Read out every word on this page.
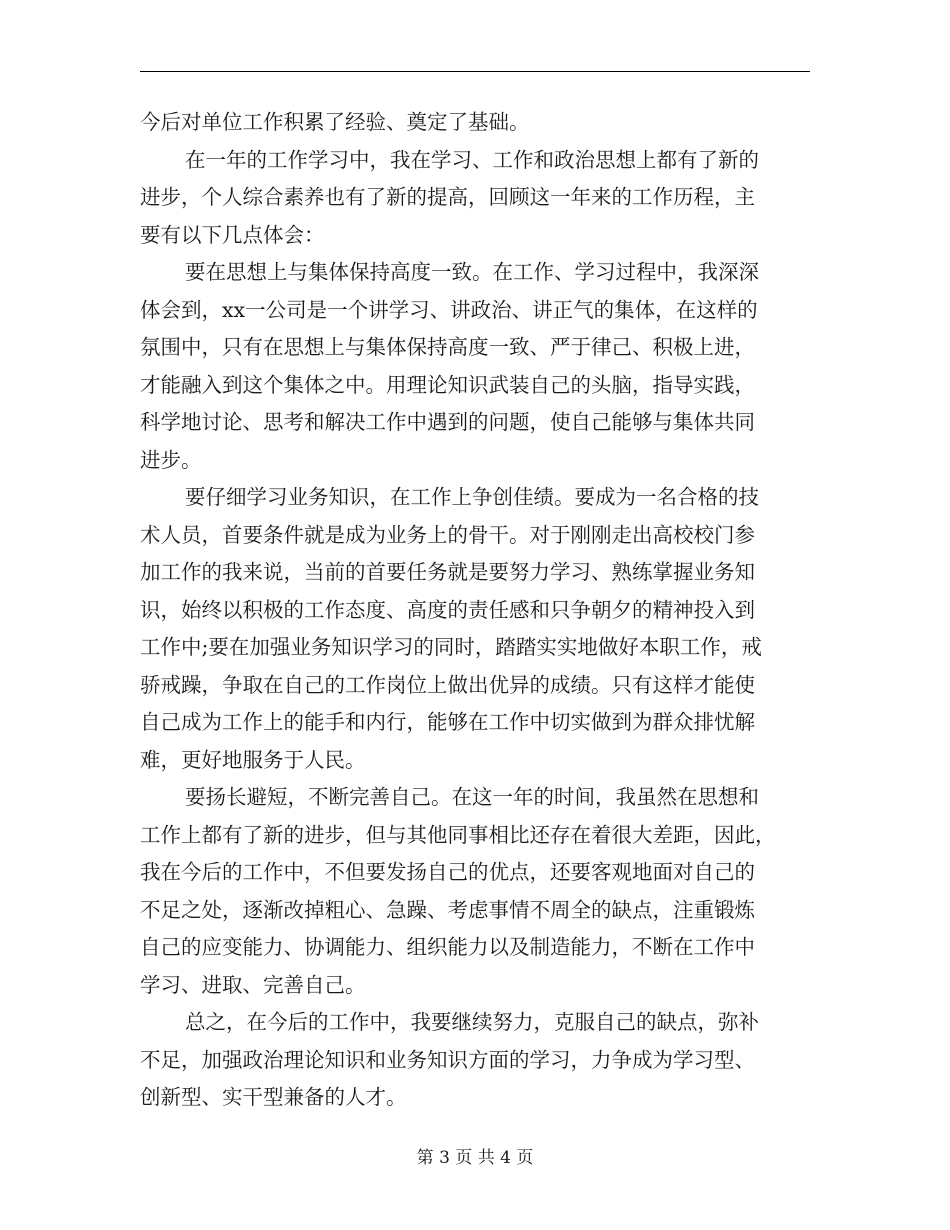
今后对单位工作积累了经验、奠定了基础。
在一年的工作学习中，我在学习、工作和政治思想上都有了新的
进步，个人综合素养也有了新的提高，回顾这一年来的工作历程，主
要有以下几点体会：
要在思想上与集体保持高度一致。在工作、学习过程中，我深深
体会到，xx一公司是一个讲学习、讲政治、讲正气的集体，在这样的
氛围中，只有在思想上与集体保持高度一致、严于律己、积极上进，
才能融入到这个集体之中。用理论知识武装自己的头脑，指导实践，
科学地讨论、思考和解决工作中遇到的问题，使自己能够与集体共同
进步。
要仔细学习业务知识，在工作上争创佳绩。要成为一名合格的技
术人员，首要条件就是成为业务上的骨干。对于刚刚走出高校校门参
加工作的我来说，当前的首要任务就是要努力学习、熟练掌握业务知
识，始终以积极的工作态度、高度的责任感和只争朝夕的精神投入到
工作中;要在加强业务知识学习的同时，踏踏实实地做好本职工作，戒
骄戒躁，争取在自己的工作岗位上做出优异的成绩。只有这样才能使
自己成为工作上的能手和内行，能够在工作中切实做到为群众排忧解
难，更好地服务于人民。
要扬长避短，不断完善自己。在这一年的时间，我虽然在思想和
工作上都有了新的进步，但与其他同事相比还存在着很大差距，因此，
我在今后的工作中，不但要发扬自己的优点，还要客观地面对自己的
不足之处，逐渐改掉粗心、急躁、考虑事情不周全的缺点，注重锻炼
自己的应变能力、协调能力、组织能力以及制造能力，不断在工作中
学习、进取、完善自己。
总之，在今后的工作中，我要继续努力，克服自己的缺点，弥补
不足，加强政治理论知识和业务知识方面的学习，力争成为学习型、
创新型、实干型兼备的人才。
第 3 页 共 4 页
